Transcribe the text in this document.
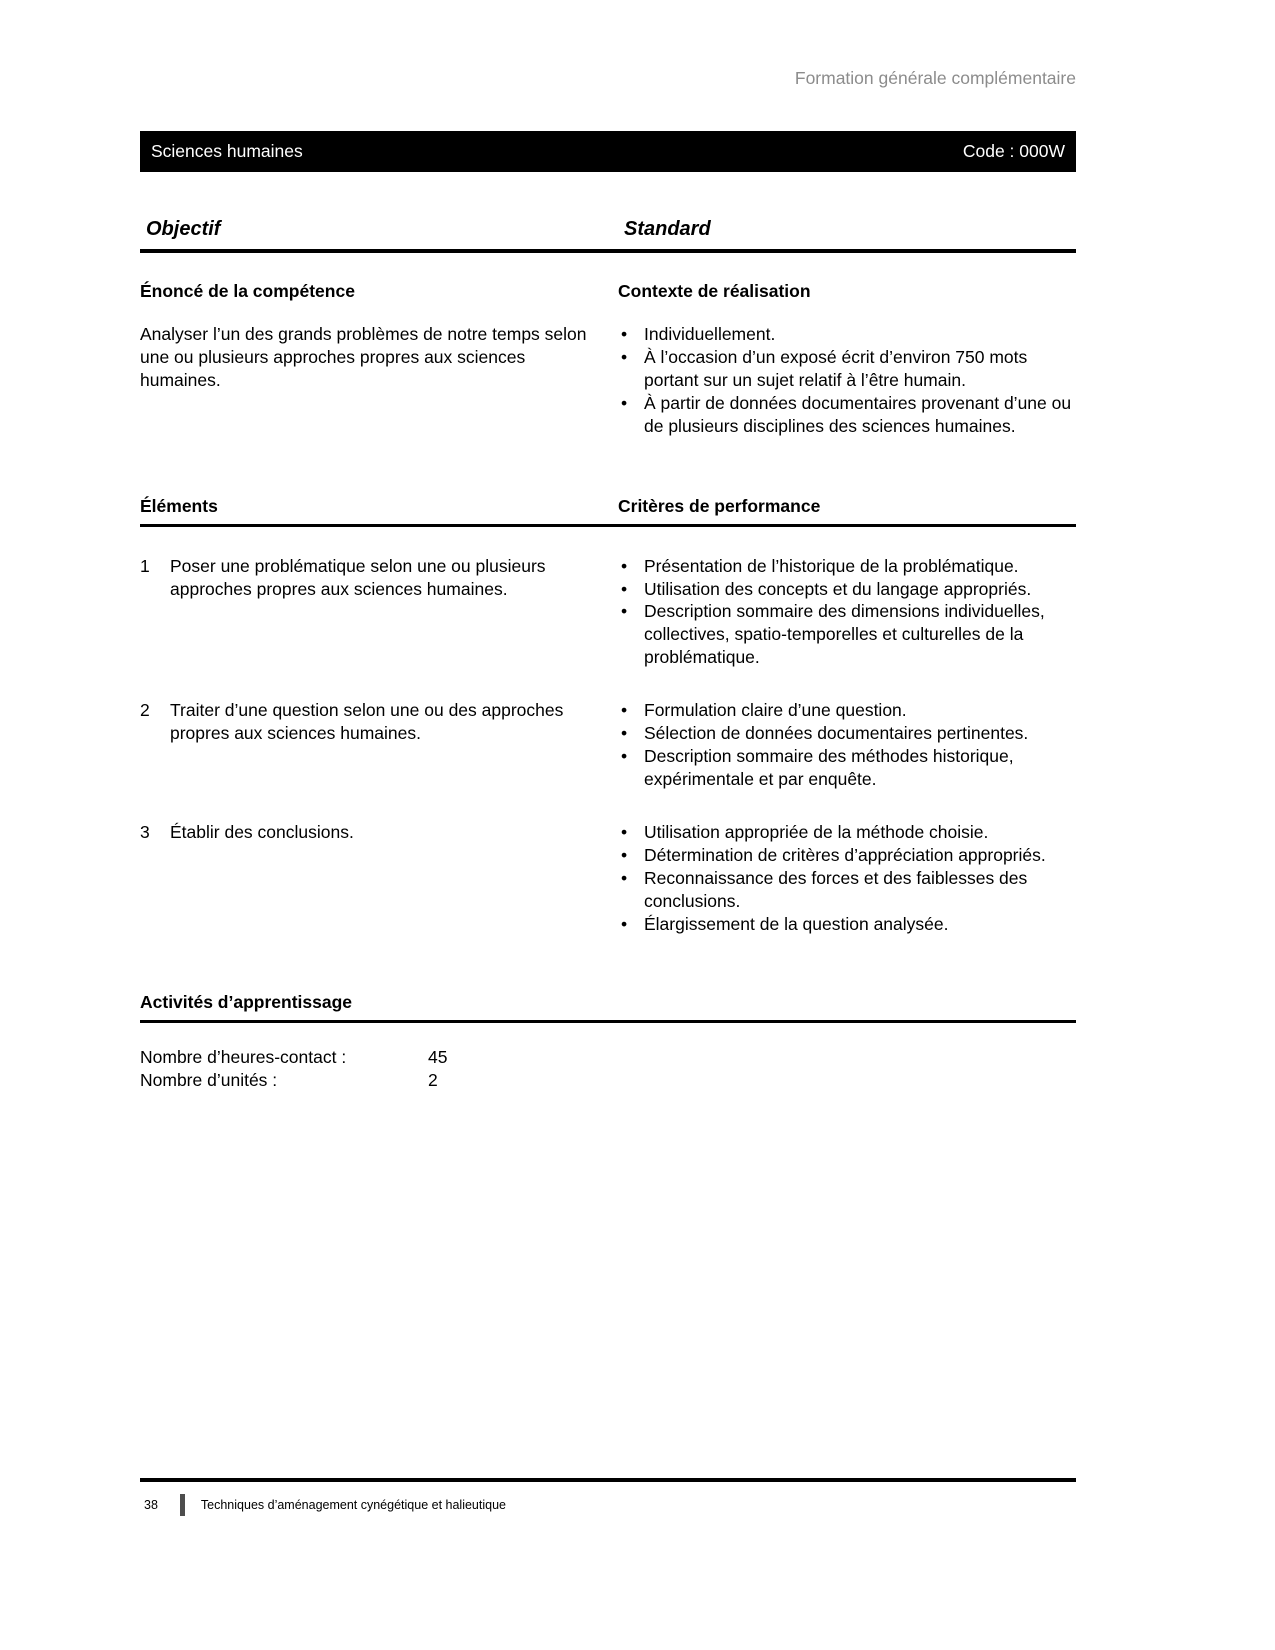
Formation générale complémentaire
Sciences humaines	Code : 000W
Objectif	Standard
Énoncé de la compétence	Contexte de réalisation
Analyser l’un des grands problèmes de notre temps selon une ou plusieurs approches propres aux sciences humaines.
• Individuellement.
• À l’occasion d’un exposé écrit d’environ 750 mots portant sur un sujet relatif à l’être humain.
• À partir de données documentaires provenant d’une ou de plusieurs disciplines des sciences humaines.
Éléments	Critères de performance
1	Poser une problématique selon une ou plusieurs approches propres aux sciences humaines.
• Présentation de l’historique de la problématique.
• Utilisation des concepts et du langage appropriés.
• Description sommaire des dimensions individuelles, collectives, spatio-temporelles et culturelles de la problématique.
2	Traiter d’une question selon une ou des approches propres aux sciences humaines.
• Formulation claire d’une question.
• Sélection de données documentaires pertinentes.
• Description sommaire des méthodes historique, expérimentale et par enquête.
3	Établir des conclusions.	• Utilisation appropriée de la méthode choisie.
• Détermination de critères d’appréciation appropriés.
• Reconnaissance des forces et des faiblesses des conclusions.
• Élargissement de la question analysée.
Activités d’apprentissage
Nombre d’heures-contact :	45
Nombre d’unités :	2
38	Techniques d’aménagement cynégétique et halieutique
